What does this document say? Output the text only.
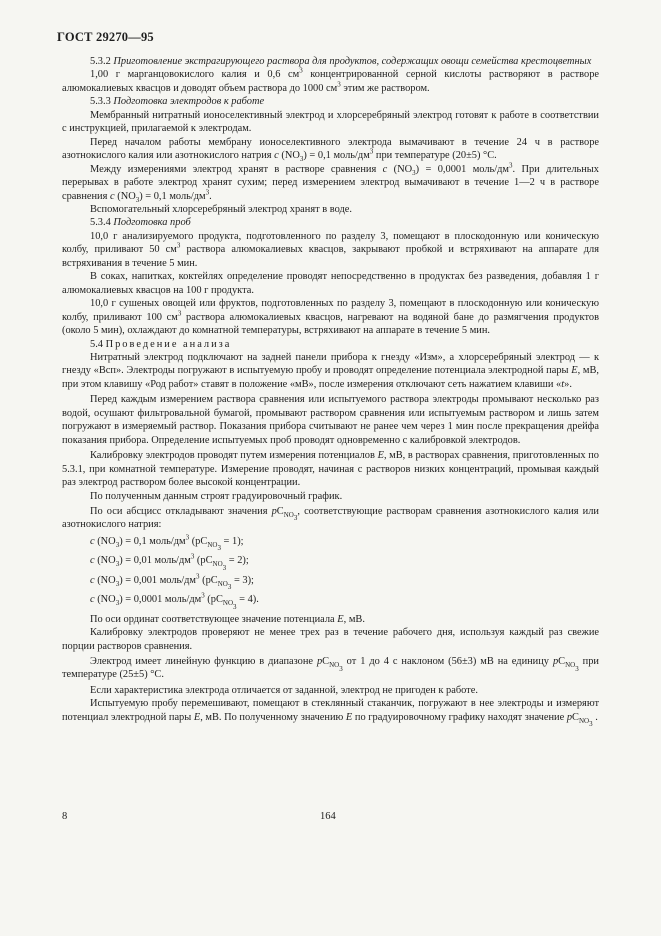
ГОСТ 29270—95

5.3.2 Приготовление экстрагирующего раствора для продуктов, содержащих овощи семейства крестоцветных

1,00 г марганцовокислого калия и 0,6 $см^3$ концентрированной серной кислоты растворяют в растворе алюмокалиевых квасцов и доводят объем раствора до 1000 $см^3$ этим же раствором.

5.3.3 Подготовка электродов к работе

Мембранный нитратный ионоселективный электрод и хлорсеребряный электрод готовят к работе в соответствии с инструкцией, прилагаемой к электродам.

Перед началом работы мембрану ионоселективного электрода вымачивают в течение 24 ч в растворе азотнокислого калия или азотнокислого натрия c $(NO_3) = 0,1$ моль/$дм^3$ при температуре (20±5) °С.

Между измерениями электрод хранят в растворе сравнения c $(NO_3) = 0,0001$ моль/$дм^3$. При длительных перерывах в работе электрод хранят сухим; перед измерением электрод вымачивают в течение 1—2 ч в растворе сравнения c $(NO_3) = 0,1$ моль/$дм^3$.

Вспомогательный хлорсеребряный электрод хранят в воде.

5.3.4 Подготовка проб

10,0 г анализируемого продукта, подготовленного по разделу 3, помещают в плоскодонную или коническую колбу, приливают 50 $см^3$ раствора алюмокалиевых квасцов, закрывают пробкой и встряхивают на аппарате для встряхивания в течение 5 мин.

В соках, напитках, коктейлях определение проводят непосредственно в продуктах без разведения, добавляя 1 г алюмокалиевых квасцов на 100 г продукта.

10,0 г сушеных овощей или фруктов, подготовленных по разделу 3, помещают в плоскодонную или коническую колбу, приливают 100 $см^3$ раствора алюмокалиевых квасцов, нагревают на водяной бане до размягчения продуктов (около 5 мин), охлаждают до комнатной температуры, встряхивают на аппарате в течение 5 мин.

5.4 Проведение анализа

Нитратный электрод подключают на задней панели прибора к гнезду «Изм», а хлорсеребряный электрод — к гнезду «Всп». Электроды погружают в испытуемую пробу и проводят определение потенциала электродной пары E, мВ, при этом клавишу «Род работ» ставят в положение «мВ», после измерения отключают сеть нажатием клавиши «t».

Перед каждым измерением раствора сравнения или испытуемого раствора электроды промывают несколько раз водой, осушают фильтровальной бумагой, промывают раствором сравнения или испытуемым раствором и лишь затем погружают в измеряемый раствор. Показания прибора считывают не ранее чем через 1 мин после прекращения дрейфа показания прибора. Определение испытуемых проб проводят одновременно с калибровкой электродов.

Калибровку электродов проводят путем измерения потенциалов E, мВ, в растворах сравнения, приготовленных по 5.3.1, при комнатной температуре. Измерение проводят, начиная с растворов низких концентраций, промывая каждый раз электрод раствором более высокой концентрации.

По полученным данным строят градуировочный график.

По оси абсцисс откладывают значения $pC_{NO_3}$, соответствующие растворам сравнения азотнокислого калия или азотнокислого натрия:

c $(NO_3) = 0,1$ моль/$дм^3$ $(pC_{NO_3} = 1)$;

c $(NO_3) = 0,01$ моль/$дм^3$ $(pC_{NO_3} = 2)$;

c $(NO_3) = 0,001$ моль/$дм^3$ $(pC_{NO_3} = 3)$;

c $(NO_3) = 0,0001$ моль/$дм^3$ $(pC_{NO_3} = 4)$.

По оси ординат соответствующее значение потенциала E, мВ.

Калибровку электродов проверяют не менее трех раз в течение рабочего дня, используя каждый раз свежие порции растворов сравнения.

Электрод имеет линейную функцию в диапазоне $pC_{NO_3}$ от 1 до 4 с наклоном (56±3) мВ на единицу $pC_{NO_3}$ при температуре (25±5) °С.

Если характеристика электрода отличается от заданной, электрод не пригоден к работе.

Испытуемую пробу перемешивают, помещают в стеклянный стаканчик, погружают в нее электроды и измеряют потенциал электродной пары E, мВ. По полученному значению E по градуировочному графику находят значение $pC_{NO_3}$ .

8	164
